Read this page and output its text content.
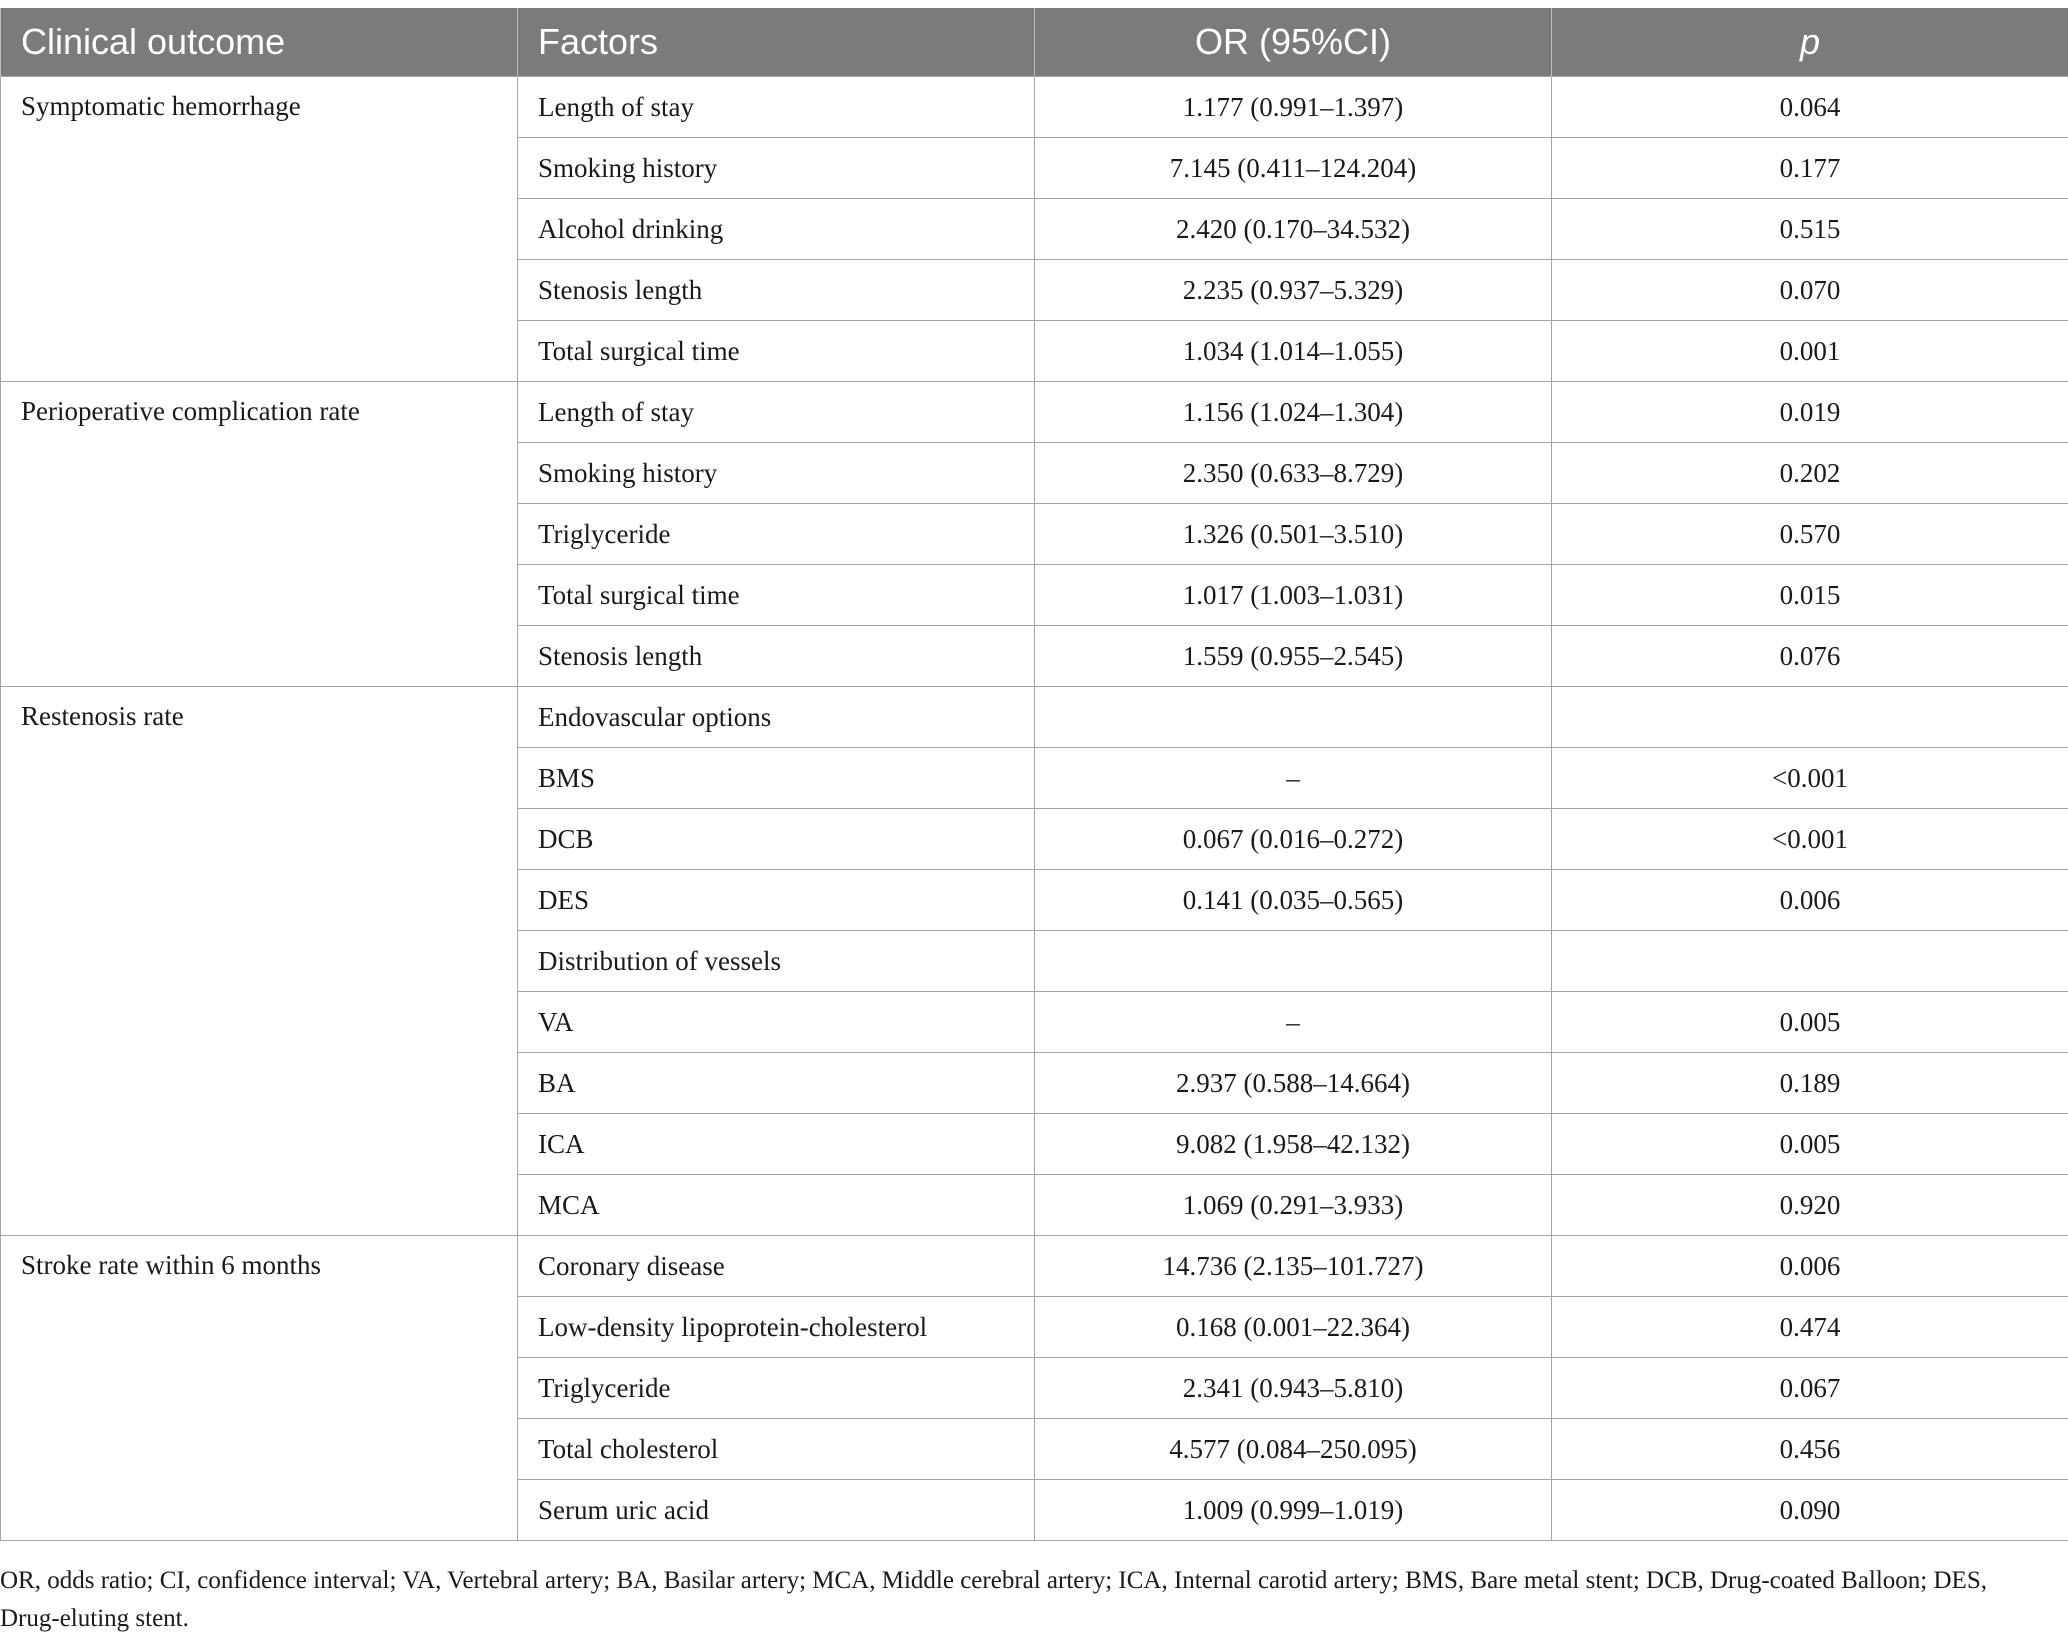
Clinical outcome	Factors	OR (95%CI)	p
Symptomatic hemorrhage	Length of stay	1.177 (0.991–1.397)	0.064
	Smoking history	7.145 (0.411–124.204)	0.177
	Alcohol drinking	2.420 (0.170–34.532)	0.515
	Stenosis length	2.235 (0.937–5.329)	0.070
	Total surgical time	1.034 (1.014–1.055)	0.001
Perioperative complication rate	Length of stay	1.156 (1.024–1.304)	0.019
	Smoking history	2.350 (0.633–8.729)	0.202
	Triglyceride	1.326 (0.501–3.510)	0.570
	Total surgical time	1.017 (1.003–1.031)	0.015
	Stenosis length	1.559 (0.955–2.545)	0.076
Restenosis rate	Endovascular options		
	BMS	–	<0.001
	DCB	0.067 (0.016–0.272)	<0.001
	DES	0.141 (0.035–0.565)	0.006
	Distribution of vessels		
	VA	–	0.005
	BA	2.937 (0.588–14.664)	0.189
	ICA	9.082 (1.958–42.132)	0.005
	MCA	1.069 (0.291–3.933)	0.920
Stroke rate within 6 months	Coronary disease	14.736 (2.135–101.727)	0.006
	Low-density lipoprotein-cholesterol	0.168 (0.001–22.364)	0.474
	Triglyceride	2.341 (0.943–5.810)	0.067
	Total cholesterol	4.577 (0.084–250.095)	0.456
	Serum uric acid	1.009 (0.999–1.019)	0.090
OR, odds ratio; CI, confidence interval; VA, Vertebral artery; BA, Basilar artery; MCA, Middle cerebral artery; ICA, Internal carotid artery; BMS, Bare metal stent; DCB, Drug-coated Balloon; DES, Drug-eluting stent.
